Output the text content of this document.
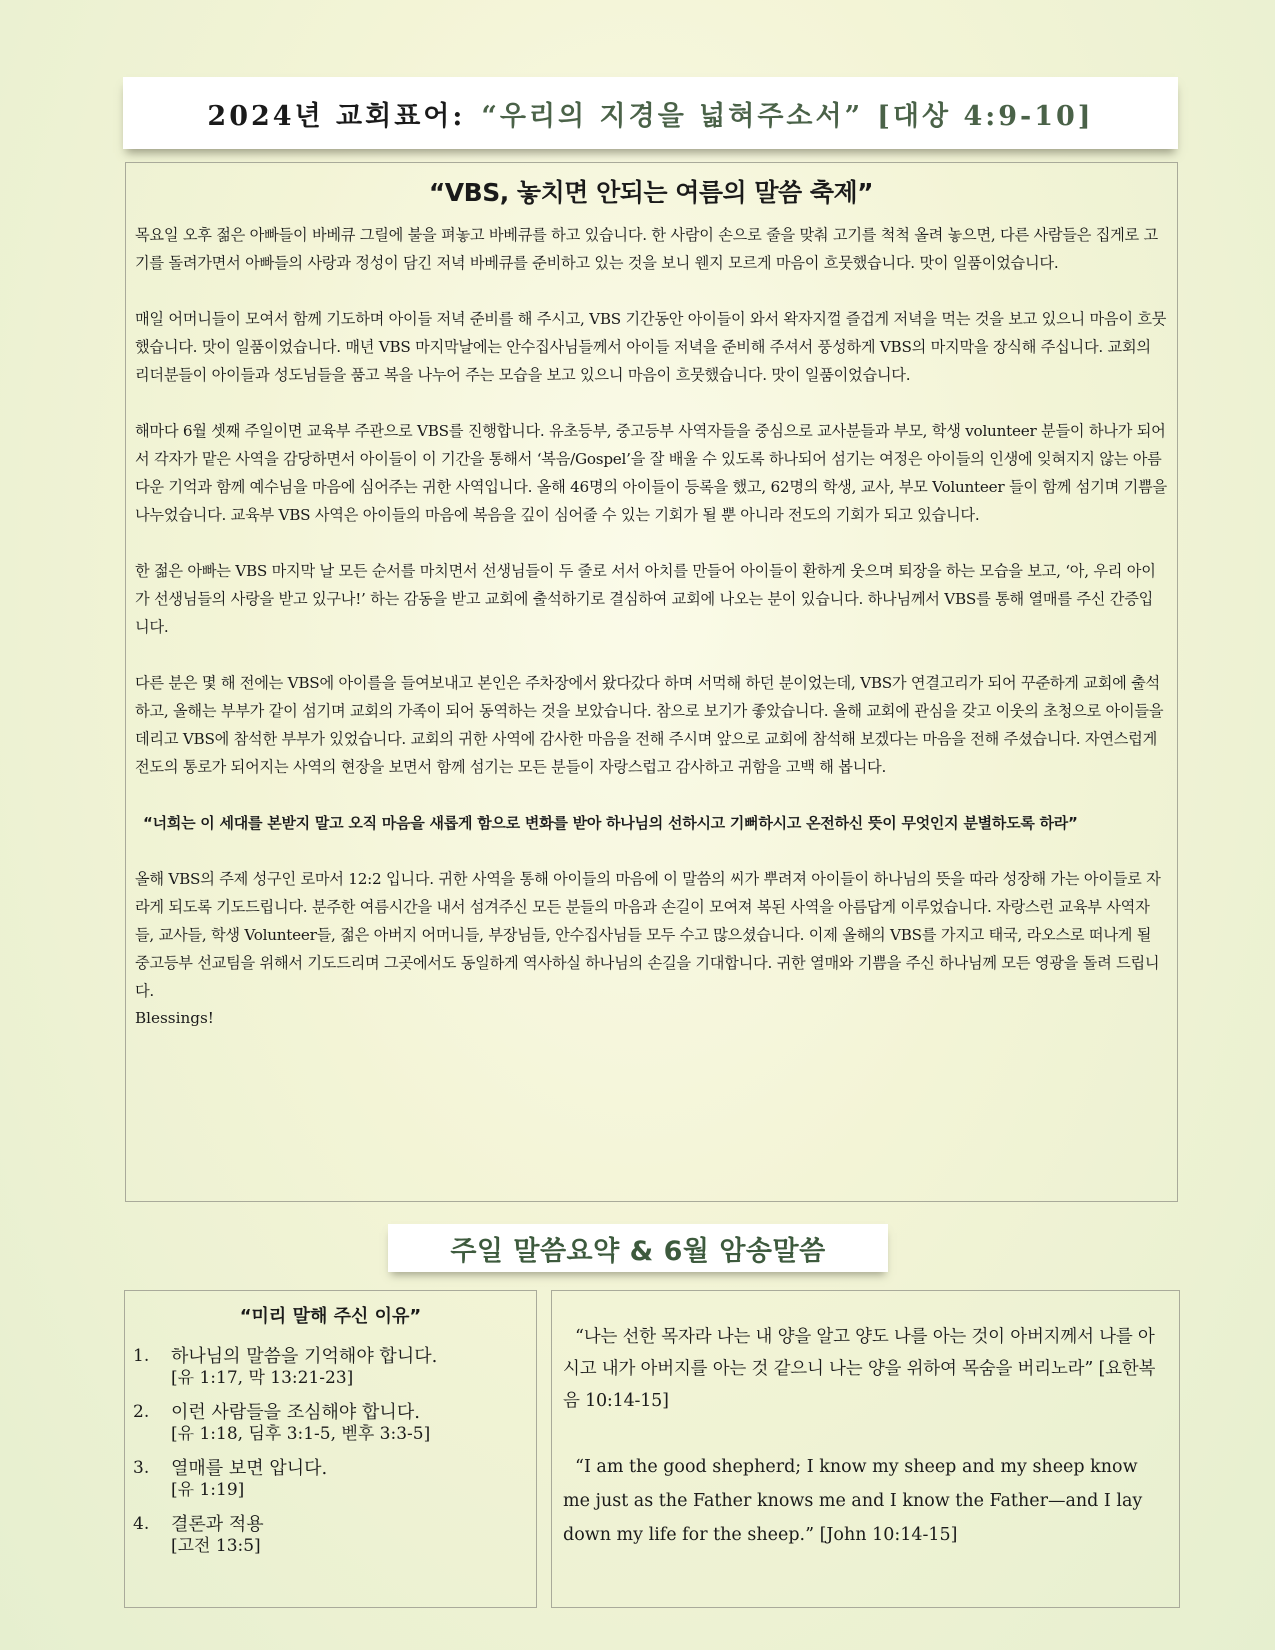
2024년 교회표어: “우리의 지경을 넓혀주소서” [대상 4:9-10]
“VBS, 놓치면 안되는 여름의 말씀 축제”

목요일 오후 젊은 아빠들이 바베큐 그릴에 불을 펴놓고 바베큐를 하고 있습니다. 한 사람이 손으로 줄을 맞춰 고기를 척척 올려 놓으면, 다른 사람들은 집게로 고기를 돌려가면서 아빠들의 사랑과 정성이 담긴 저녁 바베큐를 준비하고 있는 것을 보니 웬지 모르게 마음이 흐뭇했습니다. 맛이 일품이었습니다.

매일 어머니들이 모여서 함께 기도하며 아이들 저녁 준비를 해 주시고, VBS 기간동안 아이들이 와서 왁자지껄 즐겁게 저녁을 먹는 것을 보고 있으니 마음이 흐뭇했습니다. 맛이 일품이었습니다. 매년 VBS 마지막날에는 안수집사님들께서 아이들 저녁을 준비해 주셔서 풍성하게 VBS의 마지막을 장식해 주십니다. 교회의 리더분들이 아이들과 성도님들을 품고 복을 나누어 주는 모습을 보고 있으니 마음이 흐뭇했습니다. 맛이 일품이었습니다.

해마다 6월 셋째 주일이면 교육부 주관으로 VBS를 진행합니다. 유초등부, 중고등부 사역자들을 중심으로 교사분들과 부모, 학생 volunteer 분들이 하나가 되어서 각자가 맡은 사역을 감당하면서 아이들이 이 기간을 통해서 ‘복음/Gospel’을 잘 배울 수 있도록 하나되어 섬기는 여정은 아이들의 인생에 잊혀지지 않는 아름다운 기억과 함께 예수님을 마음에 심어주는 귀한 사역입니다. 올해 46명의 아이들이 등록을 했고, 62명의 학생, 교사, 부모 Volunteer 들이 함께 섬기며 기쁨을 나누었습니다. 교육부 VBS 사역은 아이들의 마음에 복음을 깊이 심어줄 수 있는 기회가 될 뿐 아니라 전도의 기회가 되고 있습니다.

한 젊은 아빠는 VBS 마지막 날 모든 순서를 마치면서 선생님들이 두 줄로 서서 아치를 만들어 아이들이 환하게 웃으며 퇴장을 하는 모습을 보고, ‘아, 우리 아이가 선생님들의 사랑을 받고 있구나!’ 하는 감동을 받고 교회에 출석하기로 결심하여 교회에 나오는 분이 있습니다. 하나님께서 VBS를 통해 열매를 주신 간증입니다.

다른 분은 몇 해 전에는 VBS에 아이를을 들여보내고 본인은 주차장에서 왔다갔다 하며 서먹해 하던 분이었는데, VBS가 연결고리가 되어 꾸준하게 교회에 출석하고, 올해는 부부가 같이 섬기며 교회의 가족이 되어 동역하는 것을 보았습니다. 참으로 보기가 좋았습니다. 올해 교회에 관심을 갖고 이웃의 초청으로 아이들을 데리고 VBS에 참석한 부부가 있었습니다. 교회의 귀한 사역에 감사한 마음을 전해 주시며 앞으로 교회에 참석해 보겠다는 마음을 전해 주셨습니다. 자연스럽게 전도의 통로가 되어지는 사역의 현장을 보면서 함께 섬기는 모든 분들이 자랑스럽고 감사하고 귀함을 고백 해 봅니다.

“너희는 이 세대를 본받지 말고 오직 마음을 새롭게 함으로 변화를 받아 하나님의 선하시고 기뻐하시고 온전하신 뜻이 무엇인지 분별하도록 하라”

올해 VBS의 주제 성구인 로마서 12:2 입니다. 귀한 사역을 통해 아이들의 마음에 이 말씀의 씨가 뿌려져 아이들이 하나님의 뜻을 따라 성장해 가는 아이들로 자라게 되도록 기도드립니다. 분주한 여름시간을 내서 섬겨주신 모든 분들의 마음과 손길이 모여져 복된 사역을 아름답게 이루었습니다. 자랑스런 교육부 사역자들, 교사들, 학생 Volunteer들, 젊은 아버지 어머니들, 부장님들, 안수집사님들 모두 수고 많으셨습니다. 이제 올해의 VBS를 가지고 태국, 라오스로 떠나게 될 중고등부 선교팀을 위해서 기도드리며 그곳에서도 동일하게 역사하실 하나님의 손길을 기대합니다. 귀한 열매와 기쁨을 주신 하나님께 모든 영광을 돌려 드립니다.

Blessings!
주일 말씀요약 & 6월 암송말씀
“미리 말해 주신 이유”
1.	하나님의 말씀을 기억해야 합니다.
[유 1:17, 막 13:21-23]
2.	이런 사람들을 조심해야 합니다.
[유 1:18, 딤후 3:1-5, 벧후 3:3-5]
3.	열매를 보면 압니다.
[유 1:19]
4.	결론과 적용
[고전 13:5]

“나는 선한 목자라 나는 내 양을 알고 양도 나를 아는 것이 아버지께서 나를 아시고 내가 아버지를 아는 것 같으니 나는 양을 위하여 목숨을 버리노라” [요한복음 10:14-15]

“I am the good shepherd; I know my sheep and my sheep know me just as the Father knows me and I know the Father—and I lay down my life for the sheep.” [John 10:14-15]
